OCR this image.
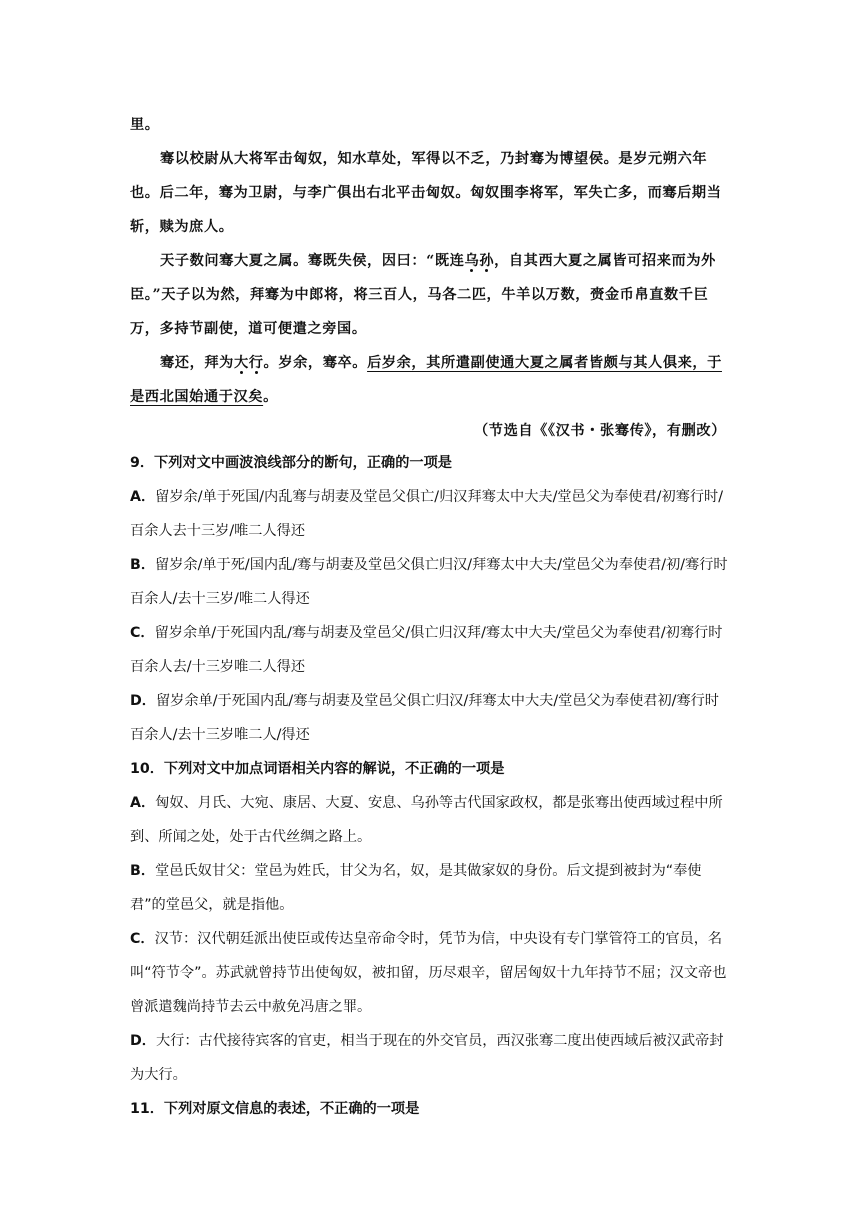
里。

骞以校尉从大将军击匈奴，知水草处，军得以不乏，乃封骞为博望侯。是岁元朔六年也。后二年，骞为卫尉，与李广俱出右北平击匈奴。匈奴围李将军，军失亡多，而骞后期当斩，赎为庶人。

天子数问骞大夏之属。骞既失侯，因曰：“既连乌孙，自其西大夏之属皆可招来而为外臣。”天子以为然，拜骞为中郎将，将三百人，马各二匹，牛羊以万数，赍金币帛直数千巨万，多持节副使，道可便遣之旁国。

骞还，拜为大行。岁余，骞卒。后岁余，其所遣副使通大夏之属者皆颇与其人俱来，于是西北国始通于汉矣。

（节选自《《汉书・张骞传》，有删改）

9．下列对文中画波浪线部分的断句，正确的一项是

A．留岁余/单于死国/内乱骞与胡妻及堂邑父俱亡/归汉拜骞太中大夫/堂邑父为奉使君/初骞行时/百余人去十三岁/唯二人得还

B．留岁余/单于死/国内乱/骞与胡妻及堂邑父俱亡归汉/拜骞太中大夫/堂邑父为奉使君/初/骞行时百余人/去十三岁/唯二人得还

C．留岁余单/于死国内乱/骞与胡妻及堂邑父/俱亡归汉拜/骞太中大夫/堂邑父为奉使君/初骞行时百余人去/十三岁唯二人得还

D．留岁余单/于死国内乱/骞与胡妻及堂邑父俱亡归汉/拜骞太中大夫/堂邑父为奉使君初/骞行时百余人/去十三岁唯二人/得还

10．下列对文中加点词语相关内容的解说，不正确的一项是

A．匈奴、月氏、大宛、康居、大夏、安息、乌孙等古代国家政权，都是张骞出使西域过程中所到、所闻之处，处于古代丝绸之路上。

B．堂邑氏奴甘父：堂邑为姓氏，甘父为名，奴，是其做家奴的身份。后文提到被封为“奉使君”的堂邑父，就是指他。

C．汉节：汉代朝廷派出使臣或传达皇帝命令时，凭节为信，中央设有专门掌管符工的官员，名叫“符节令”。苏武就曾持节出使匈奴，被扣留，历尽艰辛，留居匈奴十九年持节不屈；汉文帝也曾派遣魏尚持节去云中赦免冯唐之罪。

D．大行：古代接待宾客的官吏，相当于现在的外交官员，西汉张骞二度出使西域后被汉武帝封为大行。

11．下列对原文信息的表述，不正确的一项是
